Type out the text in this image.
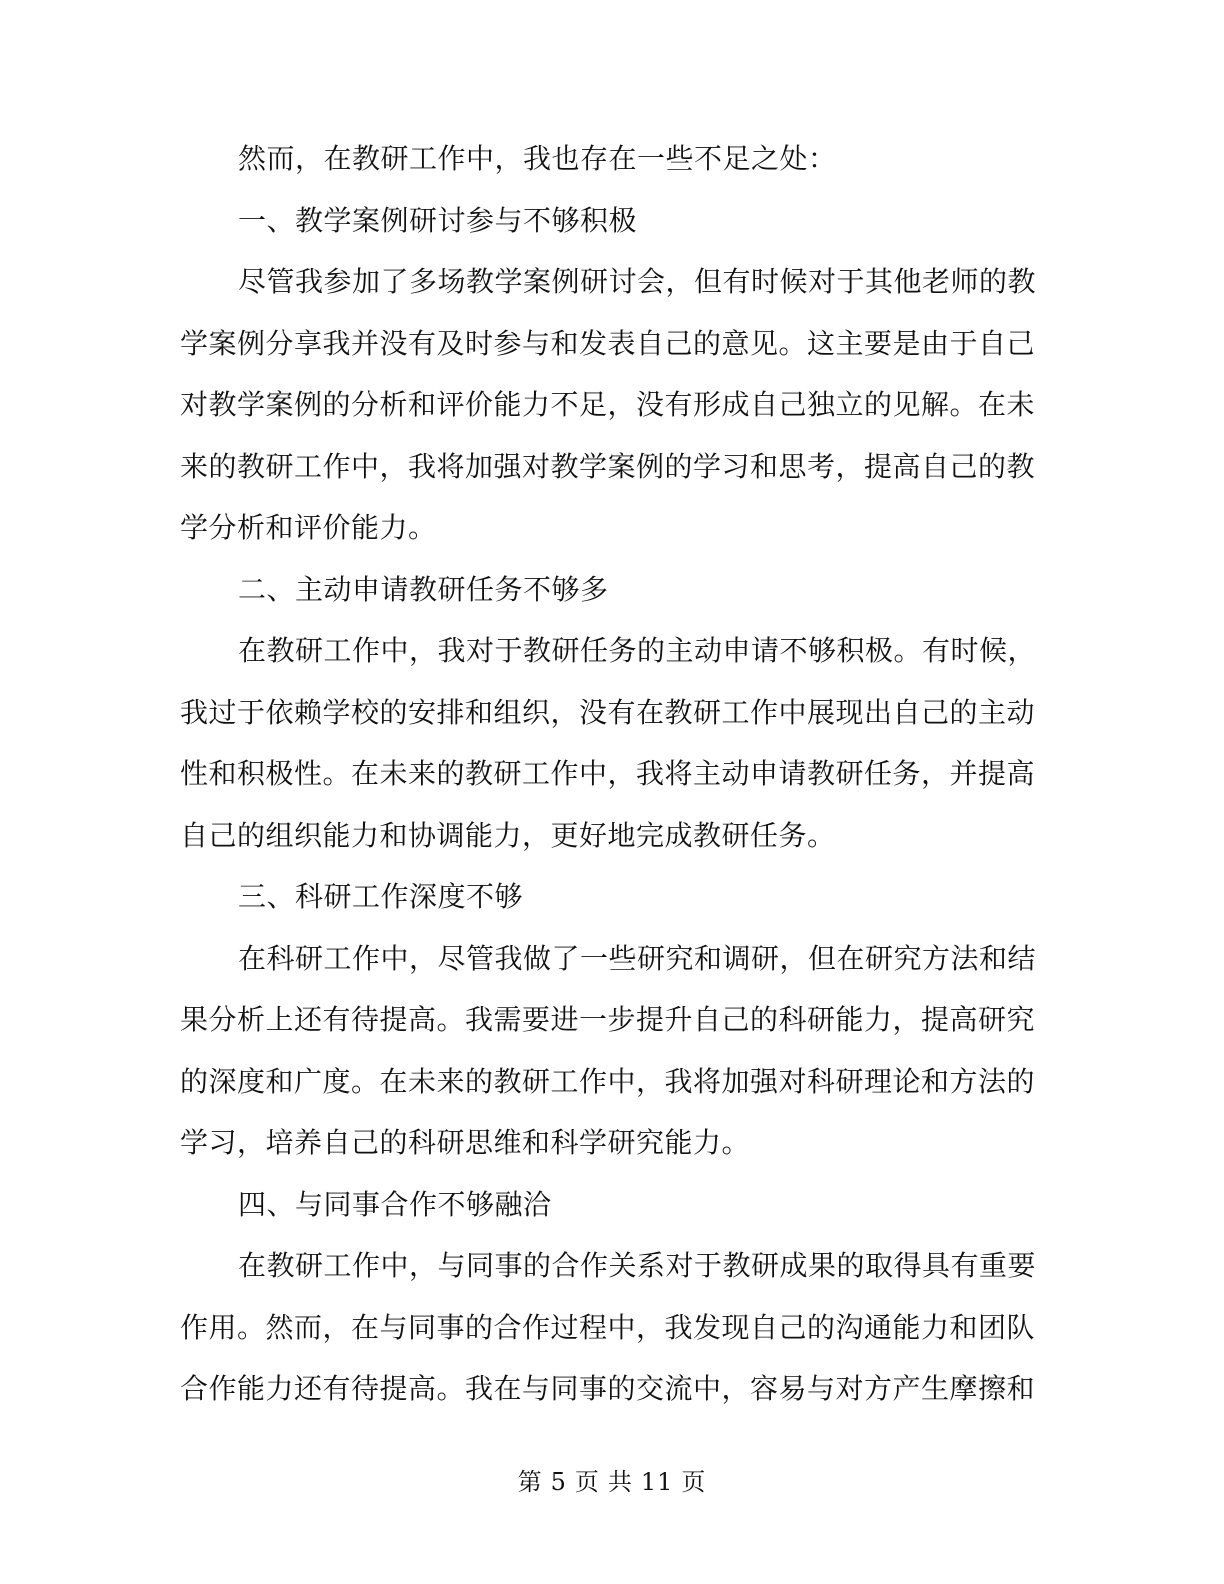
然而，在教研工作中，我也存在一些不足之处：
一、教学案例研讨参与不够积极
尽管我参加了多场教学案例研讨会，但有时候对于其他老师的教
学案例分享我并没有及时参与和发表自己的意见。这主要是由于自己
对教学案例的分析和评价能力不足，没有形成自己独立的见解。在未
来的教研工作中，我将加强对教学案例的学习和思考，提高自己的教
学分析和评价能力。
二、主动申请教研任务不够多
在教研工作中，我对于教研任务的主动申请不够积极。有时候，
我过于依赖学校的安排和组织，没有在教研工作中展现出自己的主动
性和积极性。在未来的教研工作中，我将主动申请教研任务，并提高
自己的组织能力和协调能力，更好地完成教研任务。
三、科研工作深度不够
在科研工作中，尽管我做了一些研究和调研，但在研究方法和结
果分析上还有待提高。我需要进一步提升自己的科研能力，提高研究
的深度和广度。在未来的教研工作中，我将加强对科研理论和方法的
学习，培养自己的科研思维和科学研究能力。
四、与同事合作不够融洽
在教研工作中，与同事的合作关系对于教研成果的取得具有重要
作用。然而，在与同事的合作过程中，我发现自己的沟通能力和团队
合作能力还有待提高。我在与同事的交流中，容易与对方产生摩擦和
第 5 页 共 11 页
